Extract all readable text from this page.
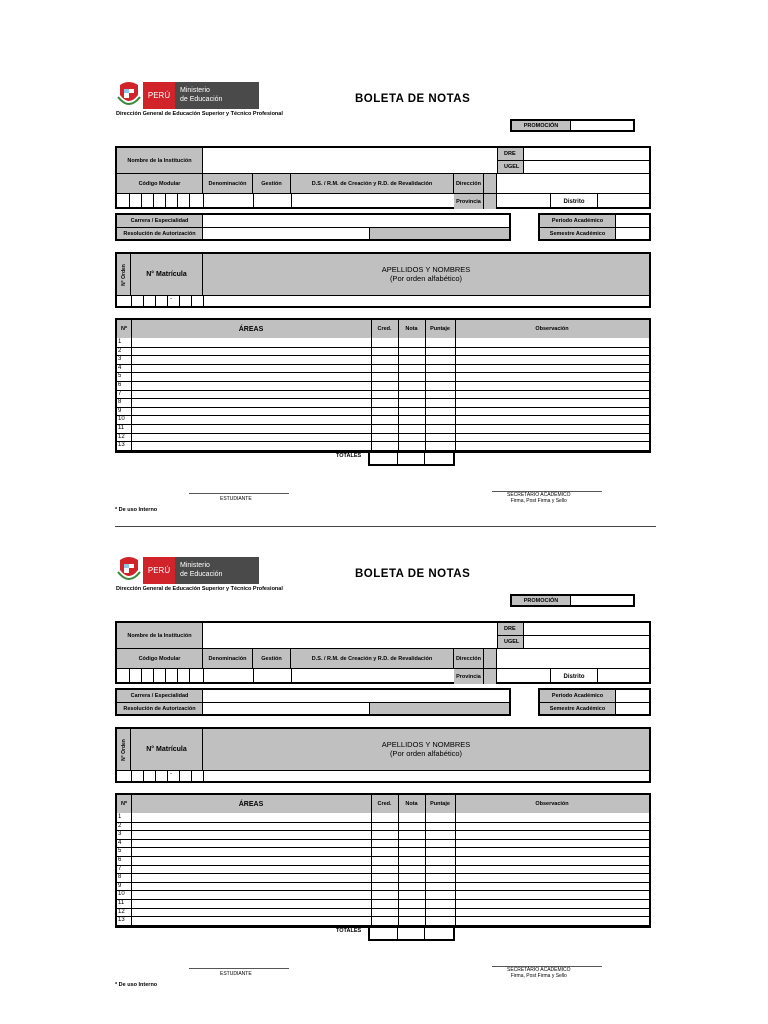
PERÚ
Ministerio
de Educación
Dirección General de Educación Superior y Técnico Profesional
BOLETA DE NOTAS
PROMOCIÓN
Nombre de la Institución
DRE
UGEL
Código Modular	Denominación	Gestión	D.S. / R.M. de Creación y R.D. de Revalidación	Dirección
Provincia	Distrito
Carrera / Especialidad
Resolución de Autorización
Periodo Académico
Semestre Académico
N° Orden	N° Matrícula
APELLIDOS Y NOMBRES
(Por orden alfabético)
-
Nº	ÁREAS	Cred.	Nota	Puntaje	Observación
1
2
3
4
5
6
7
8
9
10
11
12
13
TOTALES
ESTUDIANTE
SECRETARIO ACADÉMICO
Firma, Post Firma y Sello
* De uso Interno
PERÚ
Ministerio
de Educación
Dirección General de Educación Superior y Técnico Profesional
BOLETA DE NOTAS
PROMOCIÓN
Nombre de la Institución
DRE
UGEL
Código Modular	Denominación	Gestión	D.S. / R.M. de Creación y R.D. de Revalidación	Dirección
Provincia	Distrito
Carrera / Especialidad
Resolución de Autorización
Periodo Académico
Semestre Académico
N° Orden	N° Matrícula
APELLIDOS Y NOMBRES
(Por orden alfabético)
-
Nº	ÁREAS	Cred.	Nota	Puntaje	Observación
1
2
3
4
5
6
7
8
9
10
11
12
13
TOTALES
ESTUDIANTE
SECRETARIO ACADÉMICO
Firma, Post Firma y Sello
* De uso Interno
